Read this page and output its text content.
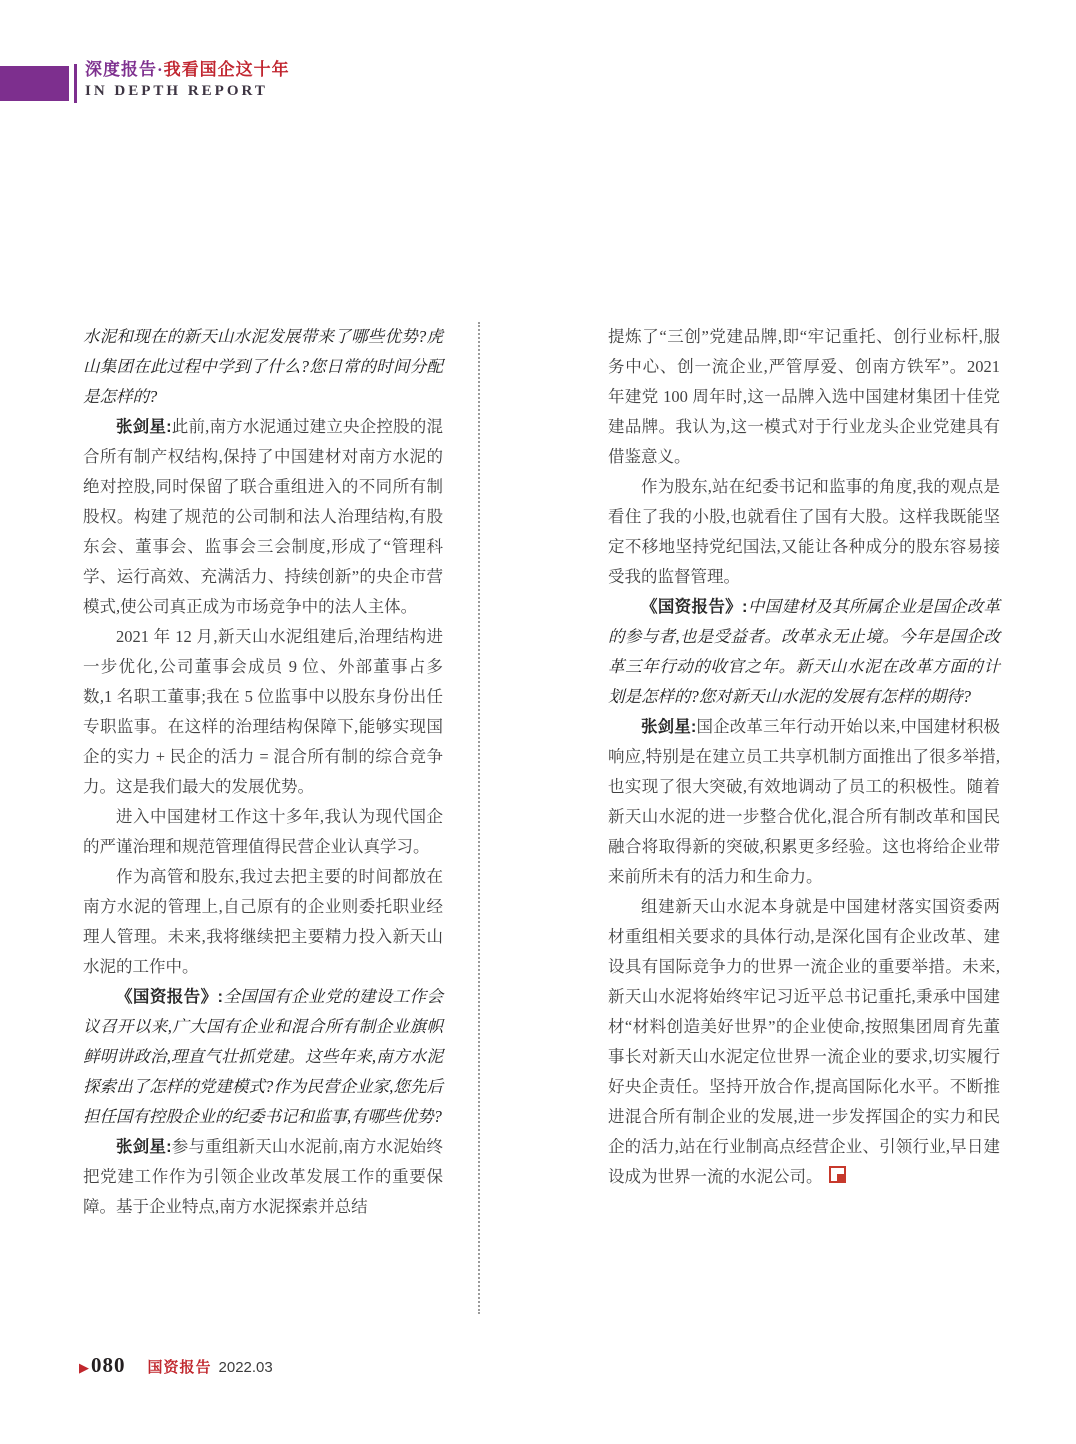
深度报告·我看国企这十年
IN DEPTH REPORT

水泥和现在的新天山水泥发展带来了哪些优势?虎山集团在此过程中学到了什么?您日常的时间分配是怎样的?

张剑星:此前,南方水泥通过建立央企控股的混合所有制产权结构,保持了中国建材对南方水泥的绝对控股,同时保留了联合重组进入的不同所有制股权。构建了规范的公司制和法人治理结构,有股东会、董事会、监事会三会制度,形成了“管理科学、运行高效、充满活力、持续创新”的央企市营模式,使公司真正成为市场竞争中的法人主体。

2021 年 12 月,新天山水泥组建后,治理结构进一步优化,公司董事会成员 9 位、外部董事占多数,1 名职工董事;我在 5 位监事中以股东身份出任专职监事。在这样的治理结构保障下,能够实现国企的实力 + 民企的活力 = 混合所有制的综合竞争力。这是我们最大的发展优势。

进入中国建材工作这十多年,我认为现代国企的严谨治理和规范管理值得民营企业认真学习。

作为高管和股东,我过去把主要的时间都放在南方水泥的管理上,自己原有的企业则委托职业经理人管理。未来,我将继续把主要精力投入新天山水泥的工作中。

《国资报告》:全国国有企业党的建设工作会议召开以来,广大国有企业和混合所有制企业旗帜鲜明讲政治,理直气壮抓党建。这些年来,南方水泥探索出了怎样的党建模式?作为民营企业家,您先后担任国有控股企业的纪委书记和监事,有哪些优势?

张剑星:参与重组新天山水泥前,南方水泥始终把党建工作作为引领企业改革发展工作的重要保障。基于企业特点,南方水泥探索并总结

提炼了“三创”党建品牌,即“牢记重托、创行业标杆,服务中心、创一流企业,严管厚爱、创南方铁军”。2021 年建党 100 周年时,这一品牌入选中国建材集团十佳党建品牌。我认为,这一模式对于行业龙头企业党建具有借鉴意义。

作为股东,站在纪委书记和监事的角度,我的观点是看住了我的小股,也就看住了国有大股。这样我既能坚定不移地坚持党纪国法,又能让各种成分的股东容易接受我的监督管理。

《国资报告》:中国建材及其所属企业是国企改革的参与者,也是受益者。改革永无止境。今年是国企改革三年行动的收官之年。新天山水泥在改革方面的计划是怎样的?您对新天山水泥的发展有怎样的期待?

张剑星:国企改革三年行动开始以来,中国建材积极响应,特别是在建立员工共享机制方面推出了很多举措,也实现了很大突破,有效地调动了员工的积极性。随着新天山水泥的进一步整合优化,混合所有制改革和国民融合将取得新的突破,积累更多经验。这也将给企业带来前所未有的活力和生命力。

组建新天山水泥本身就是中国建材落实国资委两材重组相关要求的具体行动,是深化国有企业改革、建设具有国际竞争力的世界一流企业的重要举措。未来,新天山水泥将始终牢记习近平总书记重托,秉承中国建材“材料创造美好世界”的企业使命,按照集团周育先董事长对新天山水泥定位世界一流企业的要求,切实履行好央企责任。坚持开放合作,提高国际化水平。不断推进混合所有制企业的发展,进一步发挥国企的实力和民企的活力,站在行业制高点经营企业、引领行业,早日建设成为世界一流的水泥公司。

▶ 080 国资报告 2022.03
